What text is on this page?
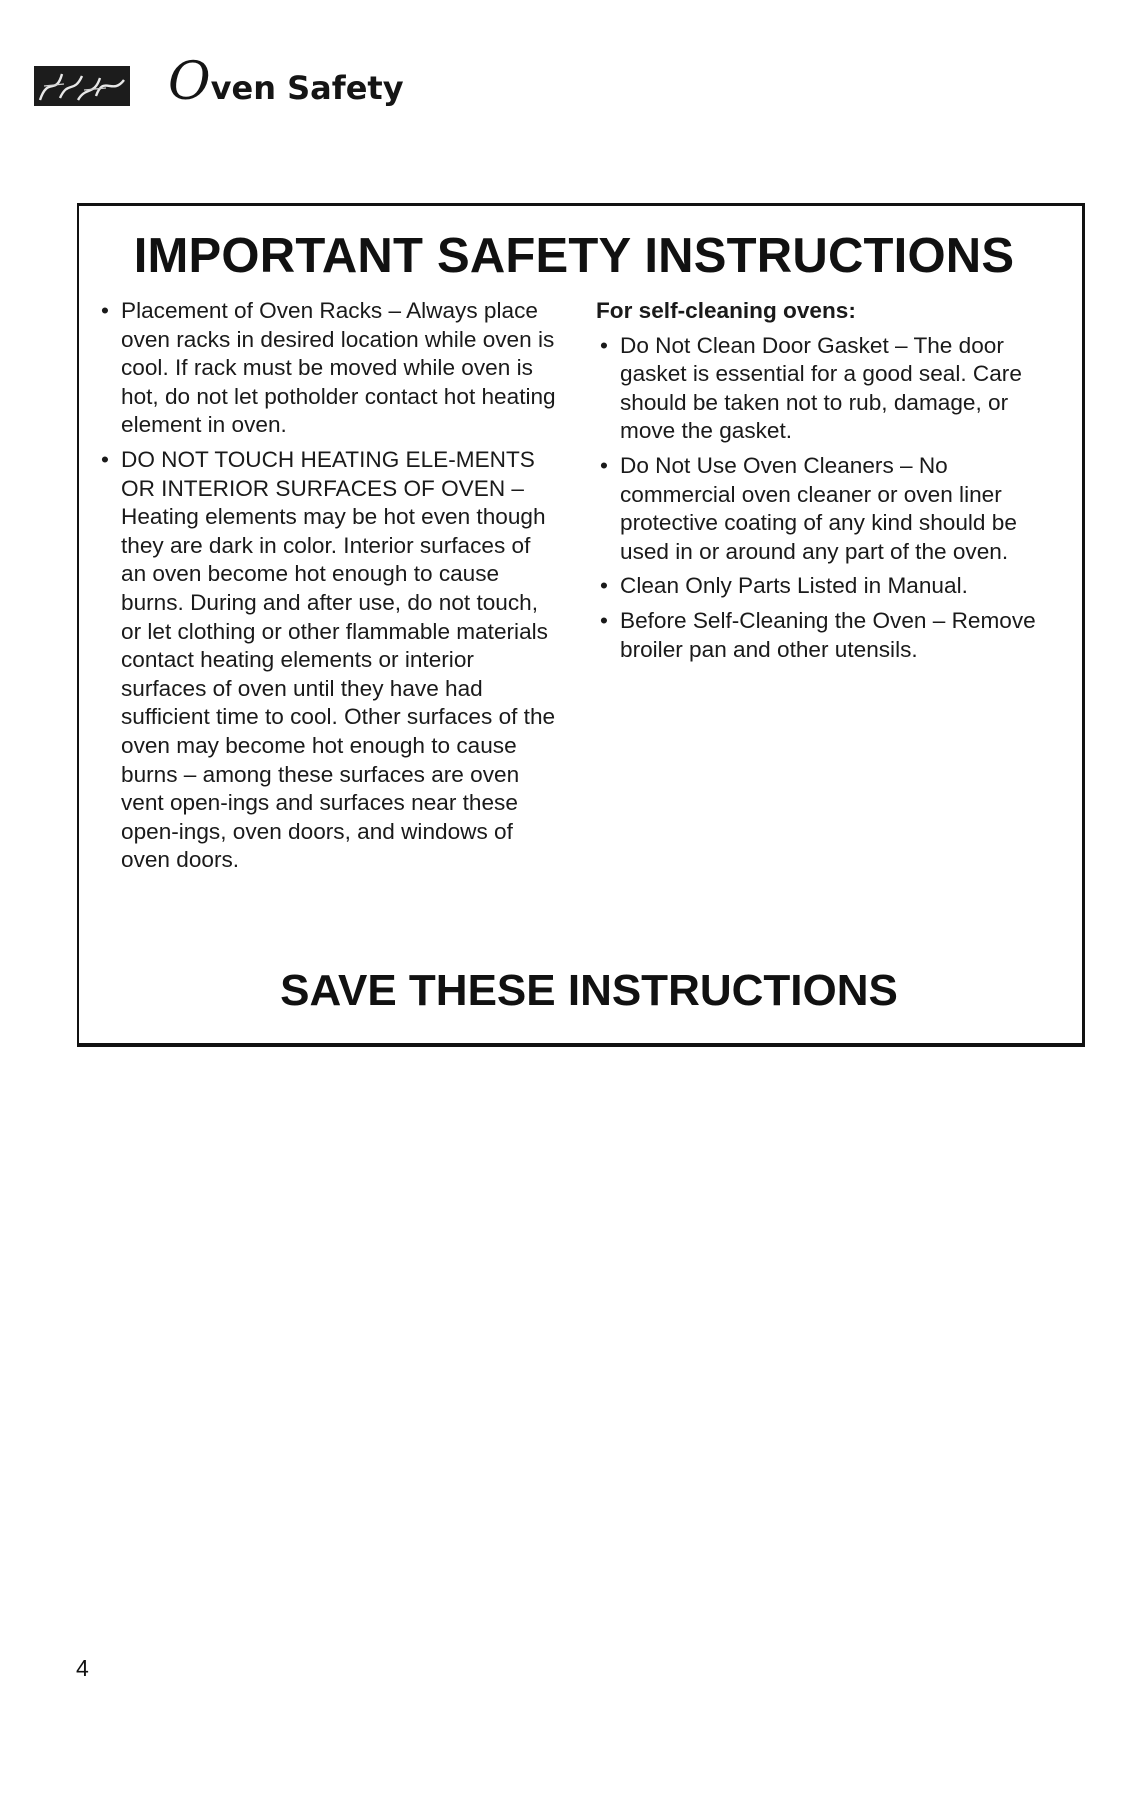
Oven Safety
IMPORTANT SAFETY INSTRUCTIONS
• Placement of Oven Racks – Always place oven racks in desired location while oven is cool. If rack must be moved while oven is hot, do not let potholder contact hot heating element in oven.
• DO NOT TOUCH HEATING ELE-MENTS OR INTERIOR SURFACES OF OVEN – Heating elements may be hot even though they are dark in color. Interior surfaces of an oven become hot enough to cause burns. During and after use, do not touch, or let clothing or other flammable materials contact heating elements or interior surfaces of oven until they have had sufficient time to cool. Other surfaces of the oven may become hot enough to cause burns – among these surfaces are oven vent open-ings and surfaces near these open-ings, oven doors, and windows of oven doors.
For self-cleaning ovens:
• Do Not Clean Door Gasket – The door gasket is essential for a good seal. Care should be taken not to rub, damage, or move the gasket.
• Do Not Use Oven Cleaners – No commercial oven cleaner or oven liner protective coating of any kind should be used in or around any part of the oven.
• Clean Only Parts Listed in Manual.
• Before Self-Cleaning the Oven – Remove broiler pan and other utensils.
SAVE THESE INSTRUCTIONS
4
